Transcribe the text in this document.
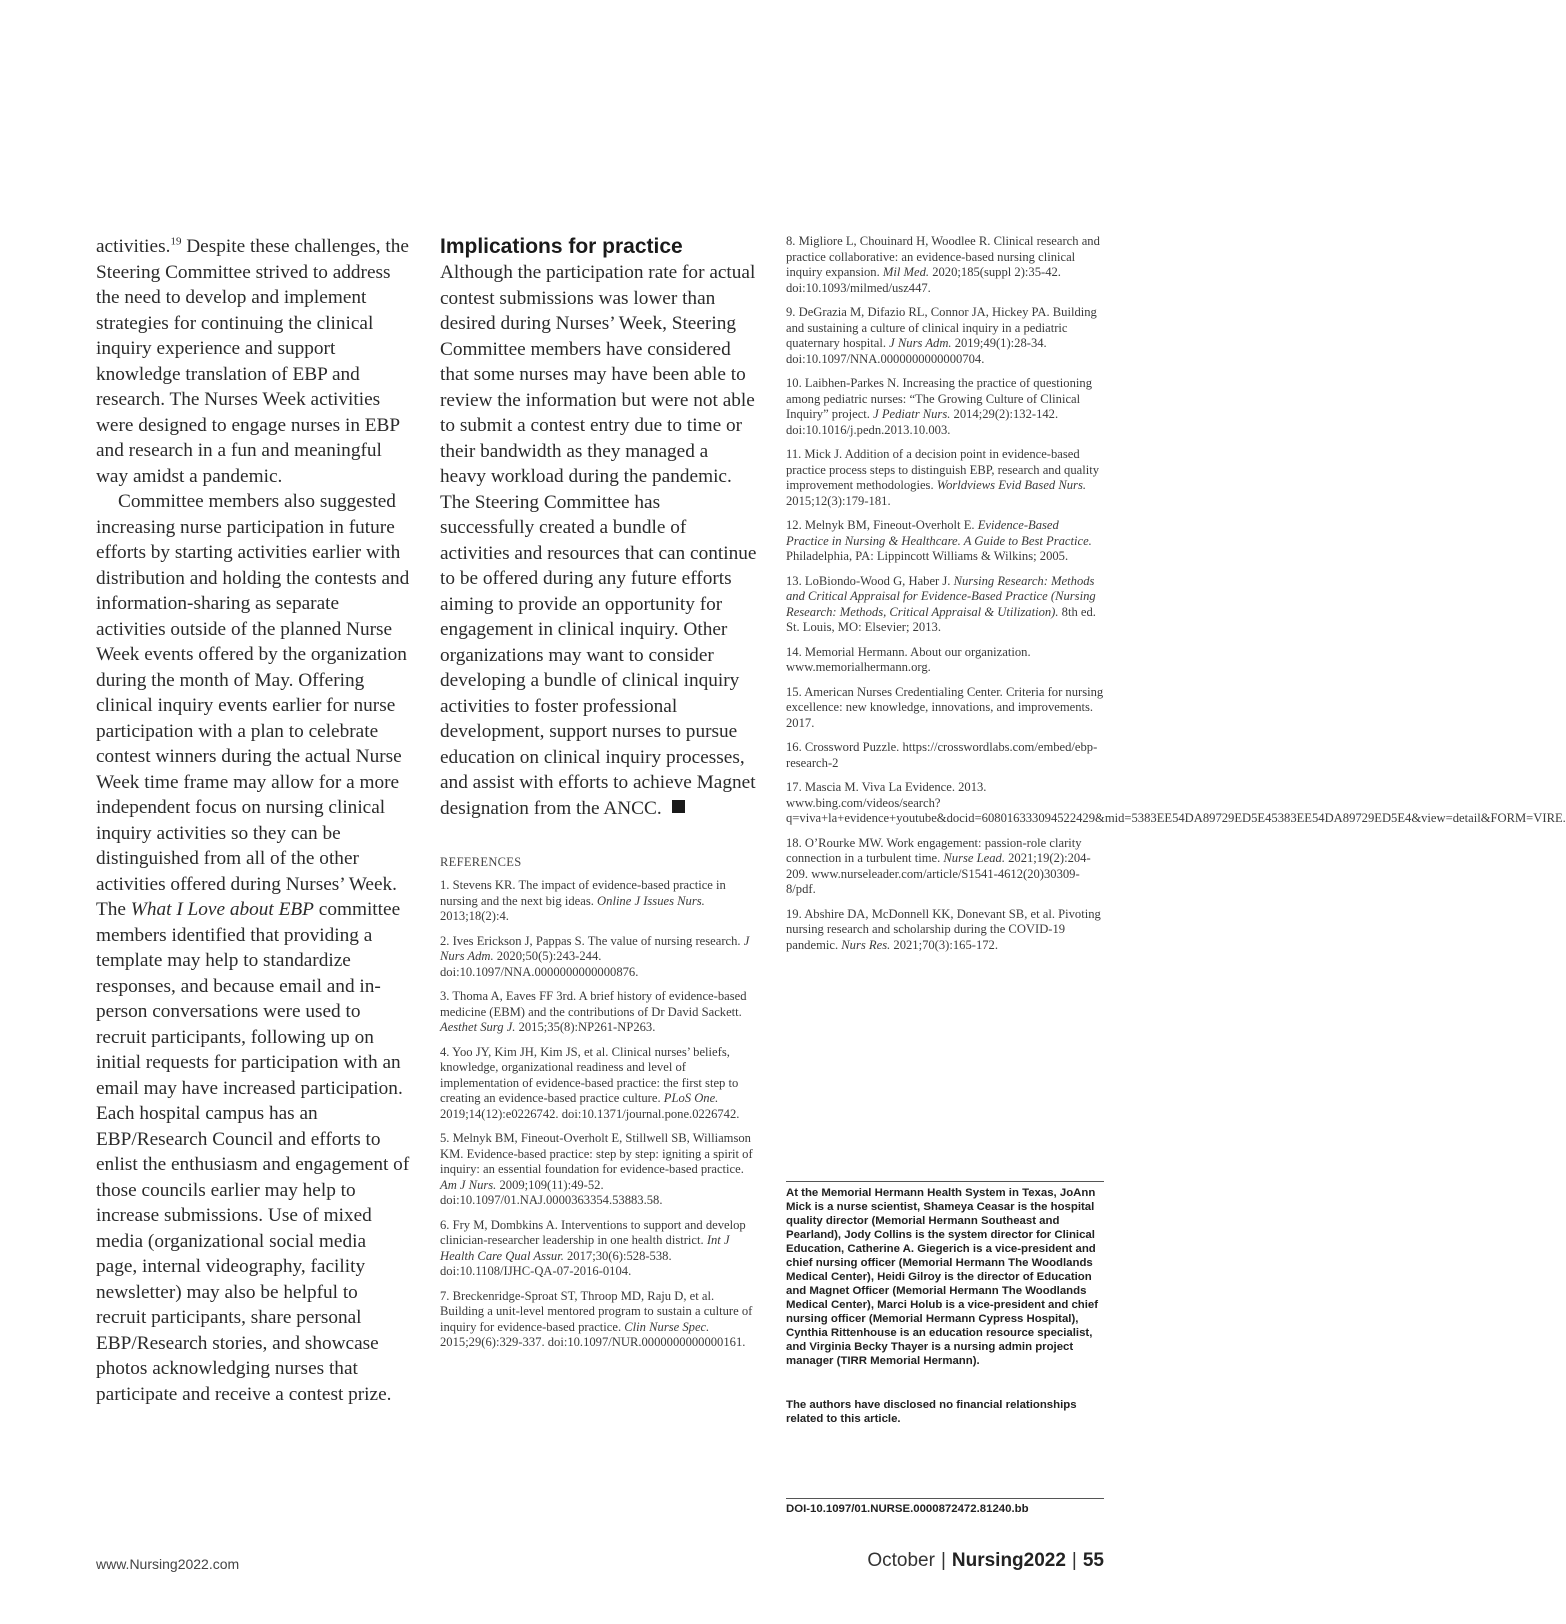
activities.$^{19}$ Despite these challenges, the Steering Committee strived to address the need to develop and implement strategies for continuing the clinical inquiry experience and support knowledge translation of EBP and research. The Nurses Week activities were designed to engage nurses in EBP and research in a fun and meaningful way amidst a pandemic.

Committee members also suggested increasing nurse participation in future efforts by starting activities earlier with distribution and holding the contests and information-sharing as separate activities outside of the planned Nurse Week events offered by the organization during the month of May. Offering clinical inquiry events earlier for nurse participation with a plan to celebrate contest winners during the actual Nurse Week time frame may allow for a more independent focus on nursing clinical inquiry activities so they can be distinguished from all of the other activities offered during Nurses’ Week. The What I Love about EBP committee members identified that providing a template may help to standardize responses, and because email and in-person conversations were used to recruit participants, following up on initial requests for participation with an email may have increased participation. Each hospital campus has an EBP/Research Council and efforts to enlist the enthusiasm and engagement of those councils earlier may help to increase submissions. Use of mixed media (organizational social media page, internal videography, facility newsletter) may also be helpful to recruit participants, share personal EBP/Research stories, and showcase photos acknowledging nurses that participate and receive a contest prize.

Implications for practice

Although the participation rate for actual contest submissions was lower than desired during Nurses’ Week, Steering Committee members have considered that some nurses may have been able to review the information but were not able to submit a contest entry due to time or their bandwidth as they managed a heavy workload during the pandemic. The Steering Committee has successfully created a bundle of activities and resources that can continue to be offered during any future efforts aiming to provide an opportunity for engagement in clinical inquiry. Other organizations may want to consider developing a bundle of clinical inquiry activities to foster professional development, support nurses to pursue education on clinical inquiry processes, and assist with efforts to achieve Magnet designation from the ANCC.

REFERENCES

1. Stevens KR. The impact of evidence-based practice in nursing and the next big ideas. Online J Issues Nurs. 2013;18(2):4.

2. Ives Erickson J, Pappas S. The value of nursing research. J Nurs Adm. 2020;50(5):243-244. doi:10.1097/NNA.0000000000000876.

3. Thoma A, Eaves FF 3rd. A brief history of evidence-based medicine (EBM) and the contributions of Dr David Sackett. Aesthet Surg J. 2015;35(8):NP261-NP263.

4. Yoo JY, Kim JH, Kim JS, et al. Clinical nurses’ beliefs, knowledge, organizational readiness and level of implementation of evidence-based practice: the first step to creating an evidence-based practice culture. PLoS One. 2019;14(12):e0226742. doi:10.1371/journal.pone.0226742.

5. Melnyk BM, Fineout-Overholt E, Stillwell SB, Williamson KM. Evidence-based practice: step by step: igniting a spirit of inquiry: an essential foundation for evidence-based practice. Am J Nurs. 2009;109(11):49-52. doi:10.1097/01.NAJ.0000363354.53883.58.

6. Fry M, Dombkins A. Interventions to support and develop clinician-researcher leadership in one health district. Int J Health Care Qual Assur. 2017;30(6):528-538. doi:10.1108/IJHC-QA-07-2016-0104.

7. Breckenridge-Sproat ST, Throop MD, Raju D, et al. Building a unit-level mentored program to sustain a culture of inquiry for evidence-based practice. Clin Nurse Spec. 2015;29(6):329-337. doi:10.1097/NUR.0000000000000161.

8. Migliore L, Chouinard H, Woodlee R. Clinical research and practice collaborative: an evidence-based nursing clinical inquiry expansion. Mil Med. 2020;185(suppl 2):35-42. doi:10.1093/milmed/usz447.

9. DeGrazia M, Difazio RL, Connor JA, Hickey PA. Building and sustaining a culture of clinical inquiry in a pediatric quaternary hospital. J Nurs Adm. 2019;49(1):28-34. doi:10.1097/NNA.0000000000000704.

10. Laibhen-Parkes N. Increasing the practice of questioning among pediatric nurses: “The Growing Culture of Clinical Inquiry” project. J Pediatr Nurs. 2014;29(2):132-142. doi:10.1016/j.pedn.2013.10.003.

11. Mick J. Addition of a decision point in evidence-based practice process steps to distinguish EBP, research and quality improvement methodologies. Worldviews Evid Based Nurs. 2015;12(3):179-181.

12. Melnyk BM, Fineout-Overholt E. Evidence-Based Practice in Nursing & Healthcare. A Guide to Best Practice. Philadelphia, PA: Lippincott Williams & Wilkins; 2005.

13. LoBiondo-Wood G, Haber J. Nursing Research: Methods and Critical Appraisal for Evidence-Based Practice (Nursing Research: Methods, Critical Appraisal & Utilization). 8th ed. St. Louis, MO: Elsevier; 2013.

14. Memorial Hermann. About our organization. www.memorialhermann.org.

15. American Nurses Credentialing Center. Criteria for nursing excellence: new knowledge, innovations, and improvements. 2017.

16. Crossword Puzzle. https://crosswordlabs.com/embed/ebp-research-2

17. Mascia M. Viva La Evidence. 2013. www.bing.com/videos/search?q=viva+la+evidence+youtube&docid=608016333094522429&mid=5383EE54DA89729ED5E45383EE54DA89729ED5E4&view=detail&FORM=VIRE.

18. O’Rourke MW. Work engagement: passion-role clarity connection in a turbulent time. Nurse Lead. 2021;19(2):204-209. www.nurseleader.com/article/S1541-4612(20)30309-8/pdf.

19. Abshire DA, McDonnell KK, Donevant SB, et al. Pivoting nursing research and scholarship during the COVID-19 pandemic. Nurs Res. 2021;70(3):165-172.

At the Memorial Hermann Health System in Texas, JoAnn Mick is a nurse scientist, Shameya Ceasar is the hospital quality director (Memorial Hermann Southeast and Pearland), Jody Collins is the system director for Clinical Education, Catherine A. Giegerich is a vice-president and chief nursing officer (Memorial Hermann The Woodlands Medical Center), Heidi Gilroy is the director of Education and Magnet Officer (Memorial Hermann The Woodlands Medical Center), Marci Holub is a vice-president and chief nursing officer (Memorial Hermann Cypress Hospital), Cynthia Rittenhouse is an education resource specialist, and Virginia Becky Thayer is a nursing admin project manager (TIRR Memorial Hermann).

The authors have disclosed no financial relationships related to this article.

DOI-10.1097/01.NURSE.0000872472.81240.bb
www.Nursing2022.com	October | Nursing2022 | 55
